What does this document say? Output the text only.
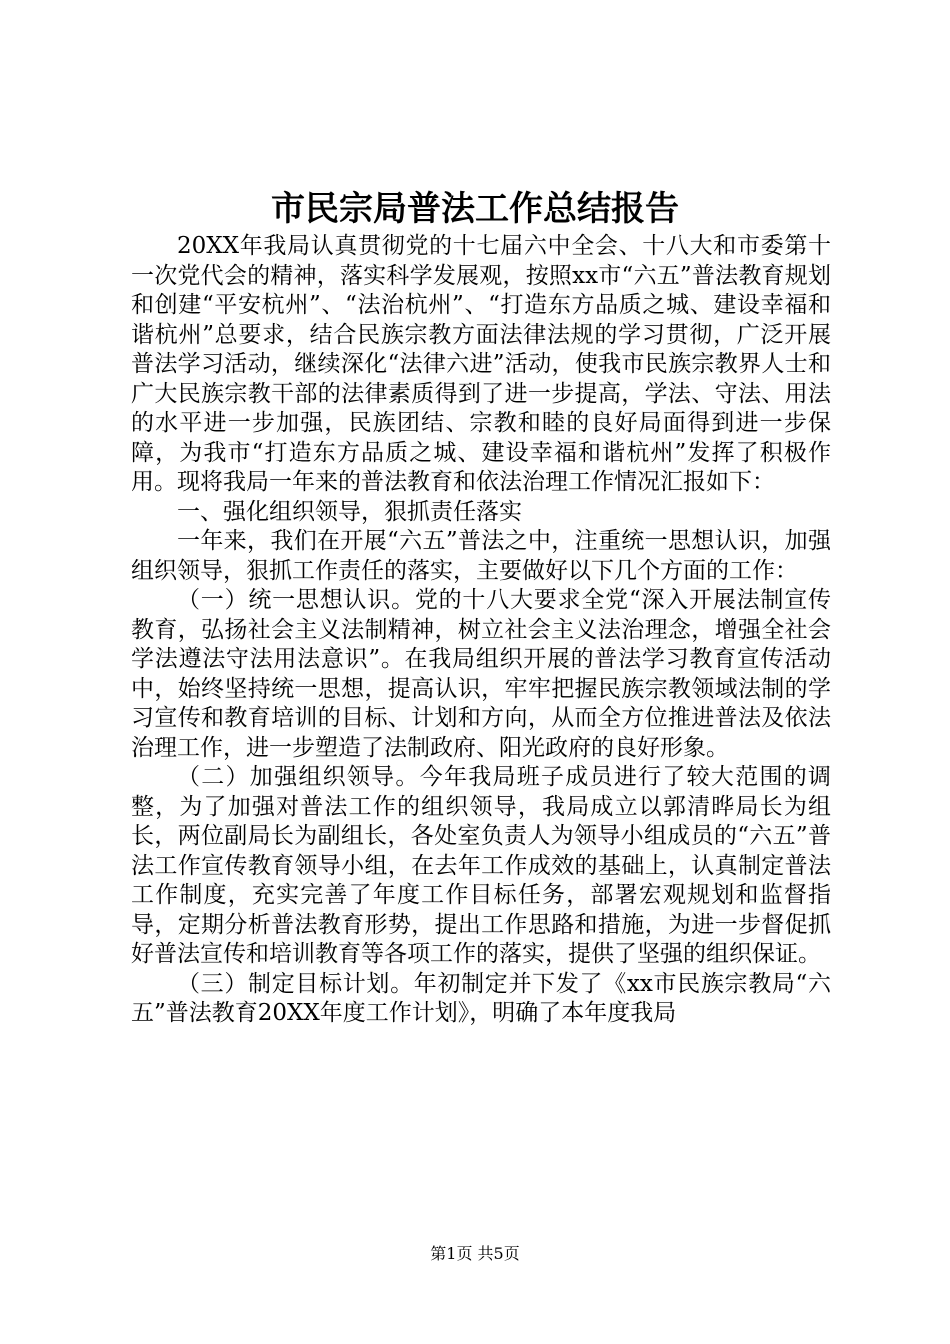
市民宗局普法工作总结报告

20XX年我局认真贯彻党的十七届六中全会、十八大和市委第十一次党代会的精神，落实科学发展观，按照xx市“六五”普法教育规划和创建“平安杭州”、“法治杭州”、“打造东方品质之城、建设幸福和谐杭州”总要求，结合民族宗教方面法律法规的学习贯彻，广泛开展普法学习活动，继续深化“法律六进”活动，使我市民族宗教界人士和广大民族宗教干部的法律素质得到了进一步提高，学法、守法、用法的水平进一步加强，民族团结、宗教和睦的良好局面得到进一步保障，为我市“打造东方品质之城、建设幸福和谐杭州”发挥了积极作用。现将我局一年来的普法教育和依法治理工作情况汇报如下：

一、强化组织领导，狠抓责任落实

一年来，我们在开展“六五”普法之中，注重统一思想认识，加强组织领导，狠抓工作责任的落实，主要做好以下几个方面的工作：

（一）统一思想认识。党的十八大要求全党“深入开展法制宣传教育，弘扬社会主义法制精神，树立社会主义法治理念，增强全社会学法遵法守法用法意识”。在我局组织开展的普法学习教育宣传活动中，始终坚持统一思想，提高认识，牢牢把握民族宗教领域法制的学习宣传和教育培训的目标、计划和方向，从而全方位推进普法及依法治理工作，进一步塑造了法制政府、阳光政府的良好形象。

（二）加强组织领导。今年我局班子成员进行了较大范围的调整，为了加强对普法工作的组织领导，我局成立以郭清晔局长为组长，两位副局长为副组长，各处室负责人为领导小组成员的“六五”普法工作宣传教育领导小组，在去年工作成效的基础上，认真制定普法工作制度，充实完善了年度工作目标任务，部署宏观规划和监督指导，定期分析普法教育形势，提出工作思路和措施，为进一步督促抓好普法宣传和培训教育等各项工作的落实，提供了坚强的组织保证。

（三）制定目标计划。年初制定并下发了《xx市民族宗教局“六五”普法教育20XX年度工作计划》，明确了本年度我局

第1页 共5页
